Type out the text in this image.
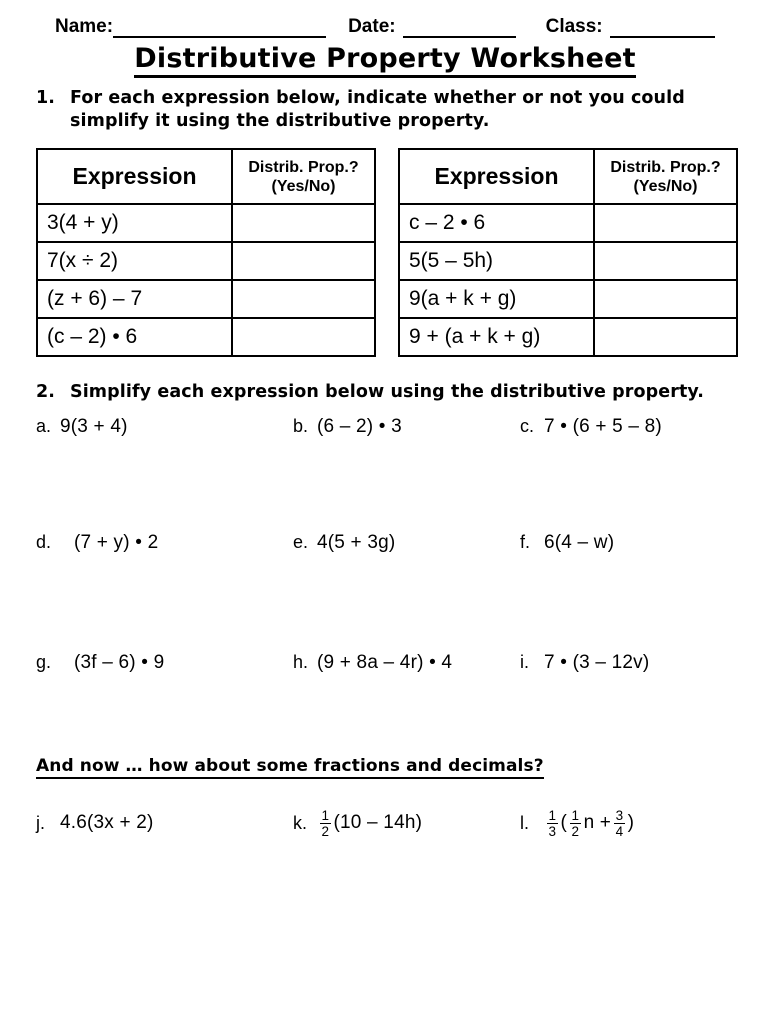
Name:	Date:	Class:
Distributive Property Worksheet
1. For each expression below, indicate whether or not you could simplify it using the distributive property.
Expression	Distrib. Prop.?
(Yes/No)
3(4 + y)	
7(x ÷ 2)	
(z + 6) – 7	
(c – 2) • 6	
Expression	Distrib. Prop.?
(Yes/No)
c – 2 • 6	
5(5 – 5h)	
9(a + k + g)	
9 + (a + k + g)	
2. Simplify each expression below using the distributive property.
a. 9(3 + 4)	b. (6 – 2) • 3	c. 7 • (6 + 5 – 8)
d.	(7 + y) • 2	e. 4(5 + 3g)	f. 6(4 – w)
g.	(3f – 6) • 9	h. (9 + 8a – 4r) • 4	i. 7 • (3 – 12v)
And now … how about some fractions and decimals?
j. 4.6(3x + 2)	k. $\frac{1}{2} (10 - 14h)$	l.	$\frac{1}{3}$ ( $\frac{1}{2}$ $n + \frac{3}{4}$ )
